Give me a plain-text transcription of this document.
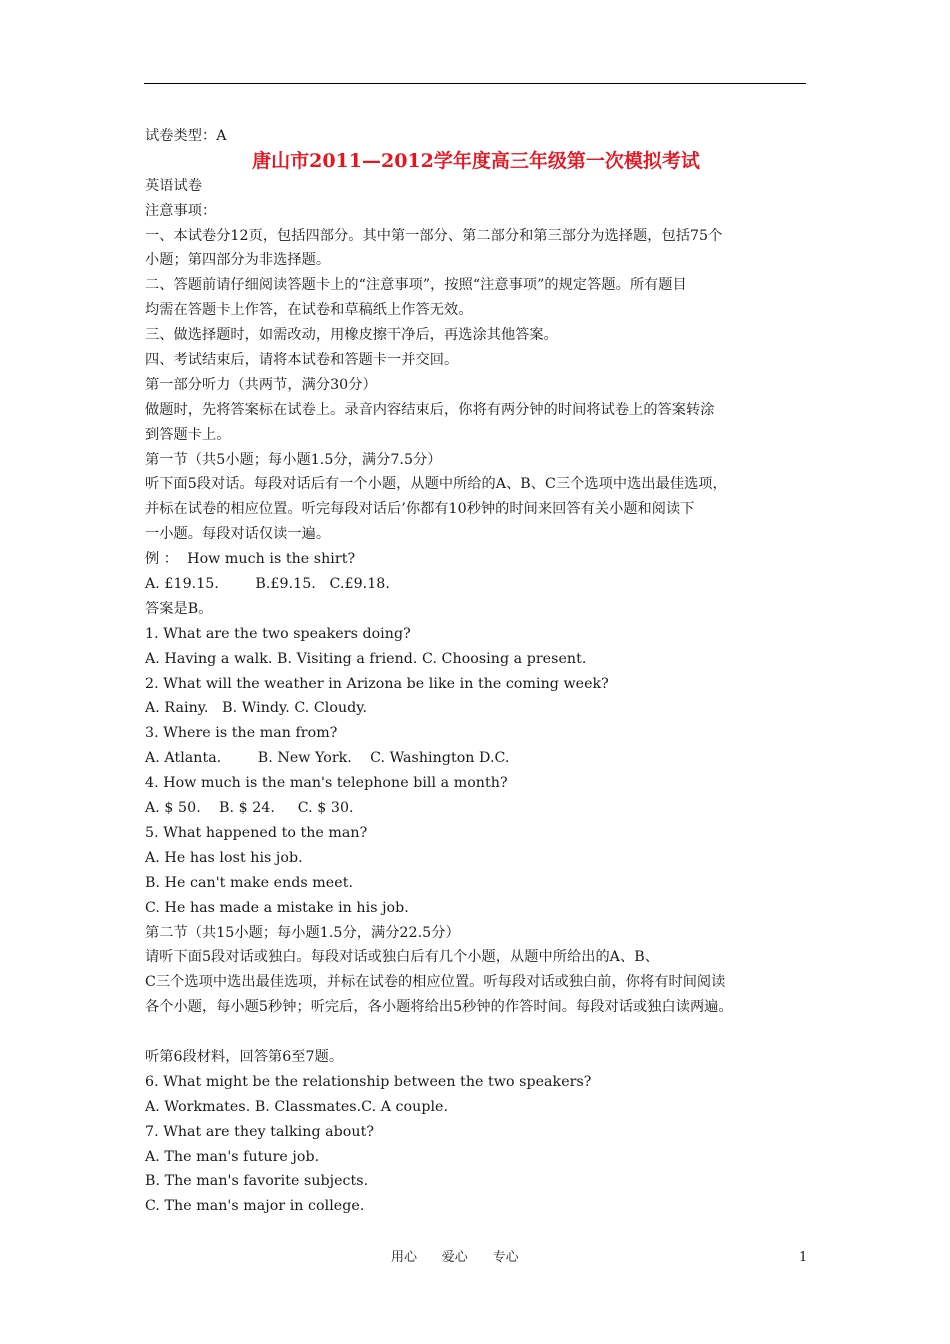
试卷类型：A
唐山市2011—2012学年度高三年级第一次模拟考试
英语试卷
注意事项：
一、本试卷分12页，包括四部分。其中第一部分、第二部分和第三部分为选择题，包括75个
小题；第四部分为非选择题。
二、答题前请仔细阅读答题卡上的“注意事项”，按照“注意事项”的规定答题。所有题目
均需在答题卡上作答，在试卷和草稿纸上作答无效。
三、做选择题时，如需改动，用橡皮擦干净后，再选涂其他答案。
四、考试结束后，请将本试卷和答题卡一并交回。
第一部分听力（共两节，满分30分）
做题时，先将答案标在试卷上。录音内容结束后，你将有两分钟的时间将试卷上的答案转涂
到答题卡上。
第一节（共5小题；每小题1.5分，满分7.5分）
听下面5段对话。每段对话后有一个小题，从题中所给的A、B、C三个选项中选出最佳选项，
并标在试卷的相应位置。听完每段对话后’你都有10秒钟的时间来回答有关小题和阅读下
一小题。每段对话仅读一遍。
例 ：  How much is the shirt?
A. £19.15.        B.£9.15.   C.£9.18.
答案是B。
1. What are the two speakers doing?
A. Having a walk. B. Visiting a friend. C. Choosing a present.
2. What will the weather in Arizona be like in the coming week?
A. Rainy.   B. Windy. C. Cloudy.
3. Where is the man from?
A. Atlanta.        B. New York.    C. Washington D.C.
4. How much is the man's telephone bill a month?
A. $ 50.    B. $ 24.     C. $ 30.
5. What happened to the man?
A. He has lost his job.
B. He can't make ends meet.
C. He has made a mistake in his job.
第二节（共15小题；每小题1.5分，满分22.5分）
请听下面5段对话或独白。每段对话或独白后有几个小题，从题中所给出的A、B、
C三个选项中选出最佳选项，并标在试卷的相应位置。听每段对话或独白前，你将有时间阅读
各个小题，每小题5秒钟；听完后，各小题将给出5秒钟的作答时间。每段对话或独白读两遍。
听第6段材料，回答第6至7题。
6. What might be the relationship between the two speakers?
A. Workmates. B. Classmates.C. A couple.
7. What are they talking about?
A. The man's future job.
B. The man's favorite subjects.
C. The man's major in college.
用心      爱心      专心	1
